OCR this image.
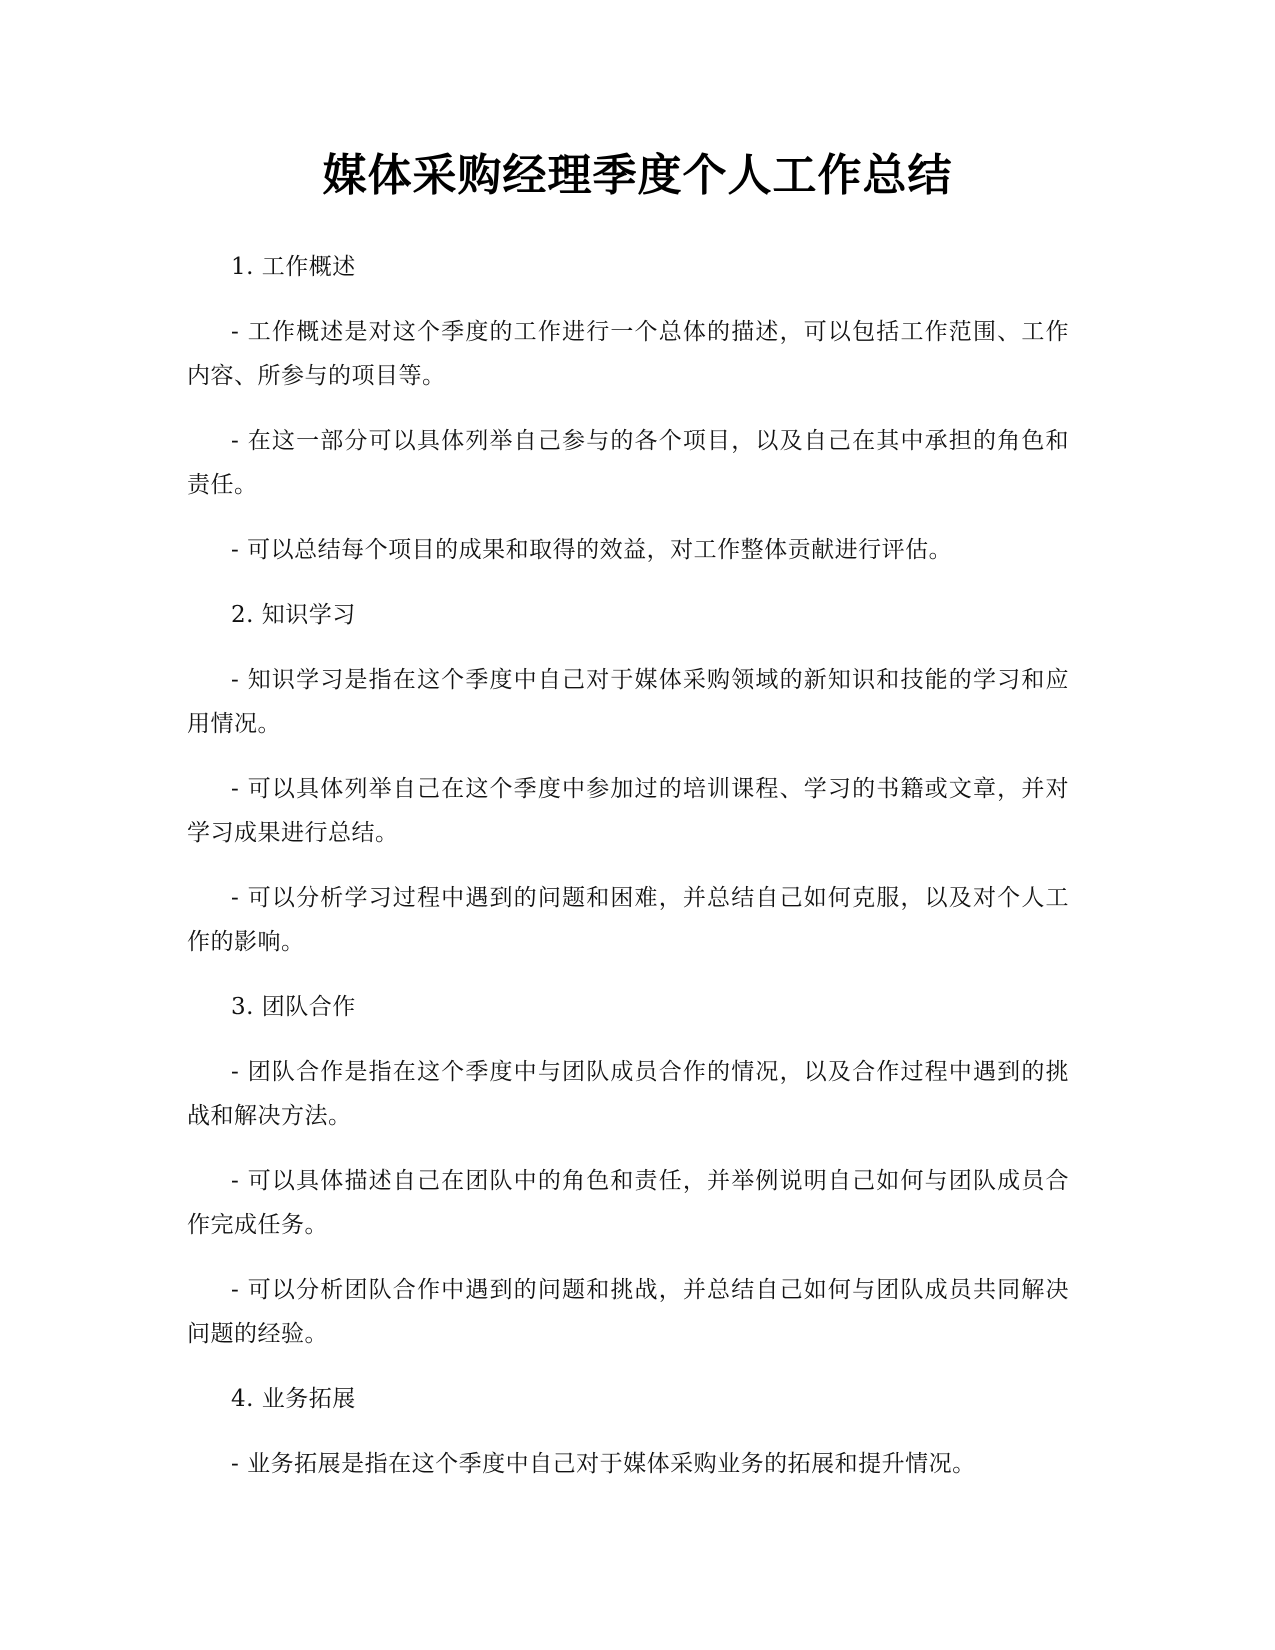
媒体采购经理季度个人工作总结

1. 工作概述

- 工作概述是对这个季度的工作进行一个总体的描述，可以包括工作范围、工作内容、所参与的项目等。

- 在这一部分可以具体列举自己参与的各个项目，以及自己在其中承担的角色和责任。

- 可以总结每个项目的成果和取得的效益，对工作整体贡献进行评估。

2. 知识学习

- 知识学习是指在这个季度中自己对于媒体采购领域的新知识和技能的学习和应用情况。

- 可以具体列举自己在这个季度中参加过的培训课程、学习的书籍或文章，并对学习成果进行总结。

- 可以分析学习过程中遇到的问题和困难，并总结自己如何克服，以及对个人工作的影响。

3. 团队合作

- 团队合作是指在这个季度中与团队成员合作的情况，以及合作过程中遇到的挑战和解决方法。

- 可以具体描述自己在团队中的角色和责任，并举例说明自己如何与团队成员合作完成任务。

- 可以分析团队合作中遇到的问题和挑战，并总结自己如何与团队成员共同解决问题的经验。

4. 业务拓展

- 业务拓展是指在这个季度中自己对于媒体采购业务的拓展和提升情况。
